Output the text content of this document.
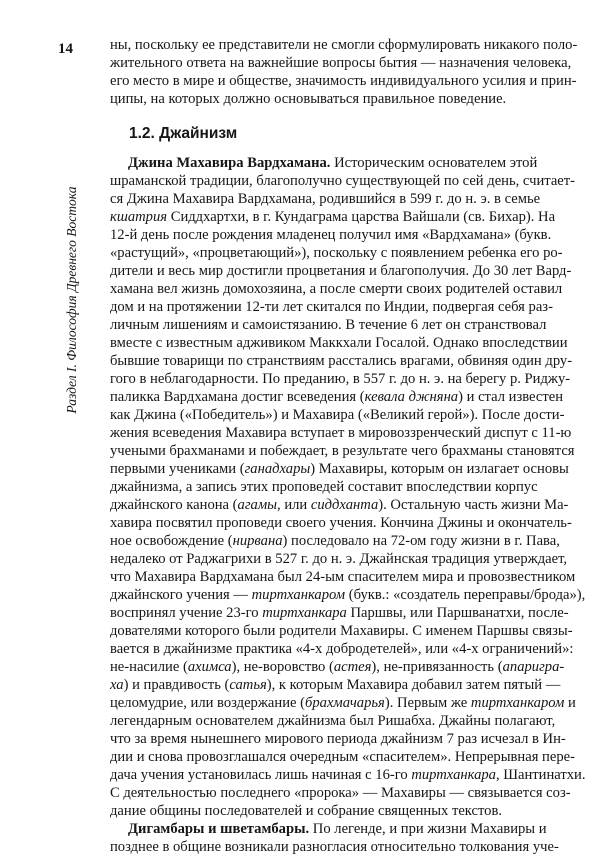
14
Раздел I. Философия Древнего Востока
ны, поскольку ее представители не смогли сформулировать никакого поло-
жительного ответа на важнейшие вопросы бытия — назначения человека,
его место в мире и обществе, значимость индивидуального усилия и прин-
ципы, на которых должно основываться правильное поведение.
1.2. Джайнизм
Джина Махавира Вардхамана. Историческим основателем этой
шраманской традиции, благополучно существующей по сей день, считает-
ся Джина Махавира Вардхамана, родившийся в 599 г. до н. э. в семье
кшатрия Сиддхартхи, в г. Кундаграма царства Вайшали (св. Бихар). На
12-й день после рождения младенец получил имя «Вардхамана» (букв.
«растущий», «процветающий»), поскольку с появлением ребенка его ро-
дители и весь мир достигли процветания и благополучия. До 30 лет Вард-
хамана вел жизнь домохозяина, а после смерти своих родителей оставил
дом и на протяжении 12-ти лет скитался по Индии, подвергая себя раз-
личным лишениям и самоистязанию. В течение 6 лет он странствовал
вместе с известным адживиком Маккхали Госалой. Однако впоследствии
бывшие товарищи по странствиям расстались врагами, обвиняя один дру-
гого в неблагодарности. По преданию, в 557 г. до н. э. на берегу р. Риджу-
паликка Вардхамана достиг всеведения (кевала джняна) и стал известен
как Джина («Победитель») и Махавира («Великий герой»). После дости-
жения всеведения Махавира вступает в мировоззренческий диспут с 11-ю
учеными брахманами и побеждает, в результате чего брахманы становятся
первыми учениками (ганадхары) Махавиры, которым он излагает основы
джайнизма, а запись этих проповедей составит впоследствии корпус
джайнского канона (агамы, или сиддханта). Остальную часть жизни Ма-
хавира посвятил проповеди своего учения. Кончина Джины и окончатель-
ное освобождение (нирвана) последовало на 72-ом году жизни в г. Пава,
недалеко от Раджагрихи в 527 г. до н. э. Джайнская традиция утверждает,
что Махавира Вардхамана был 24-ым спасителем мира и провозвестником
джайнского учения — тиртханкаром (букв.: «создатель переправы/брода»),
воспринял учение 23-го тиртханкара Паршвы, или Паршванатхи, после-
дователями которого были родители Махавиры. С именем Паршвы связы-
вается в джайнизме практика «4-х добродетелей», или «4-х ограничений»:
не-насилие (ахимса), не-воровство (астея), не-привязанность (апаригра-
ха) и правдивость (сатья), к которым Махавира добавил затем пятый —
целомудрие, или воздержание (брахмачарья). Первым же тиртханкаром и
легендарным основателем джайнизма был Ришабха. Джайны полагают,
что за время нынешнего мирового периода джайнизм 7 раз исчезал в Ин-
дии и снова провозглашался очередным «спасителем». Непрерывная пере-
дача учения установилась лишь начиная с 16-го тиртханкара, Шантинатхи.
С деятельностью последнего «пророка» — Махавиры — связывается соз-
дание общины последователей и собрание священных текстов.
Дигамбары и шветамбары. По легенде, и при жизни Махавиры и
позднее в общине возникали разногласия относительно толкования уче-
